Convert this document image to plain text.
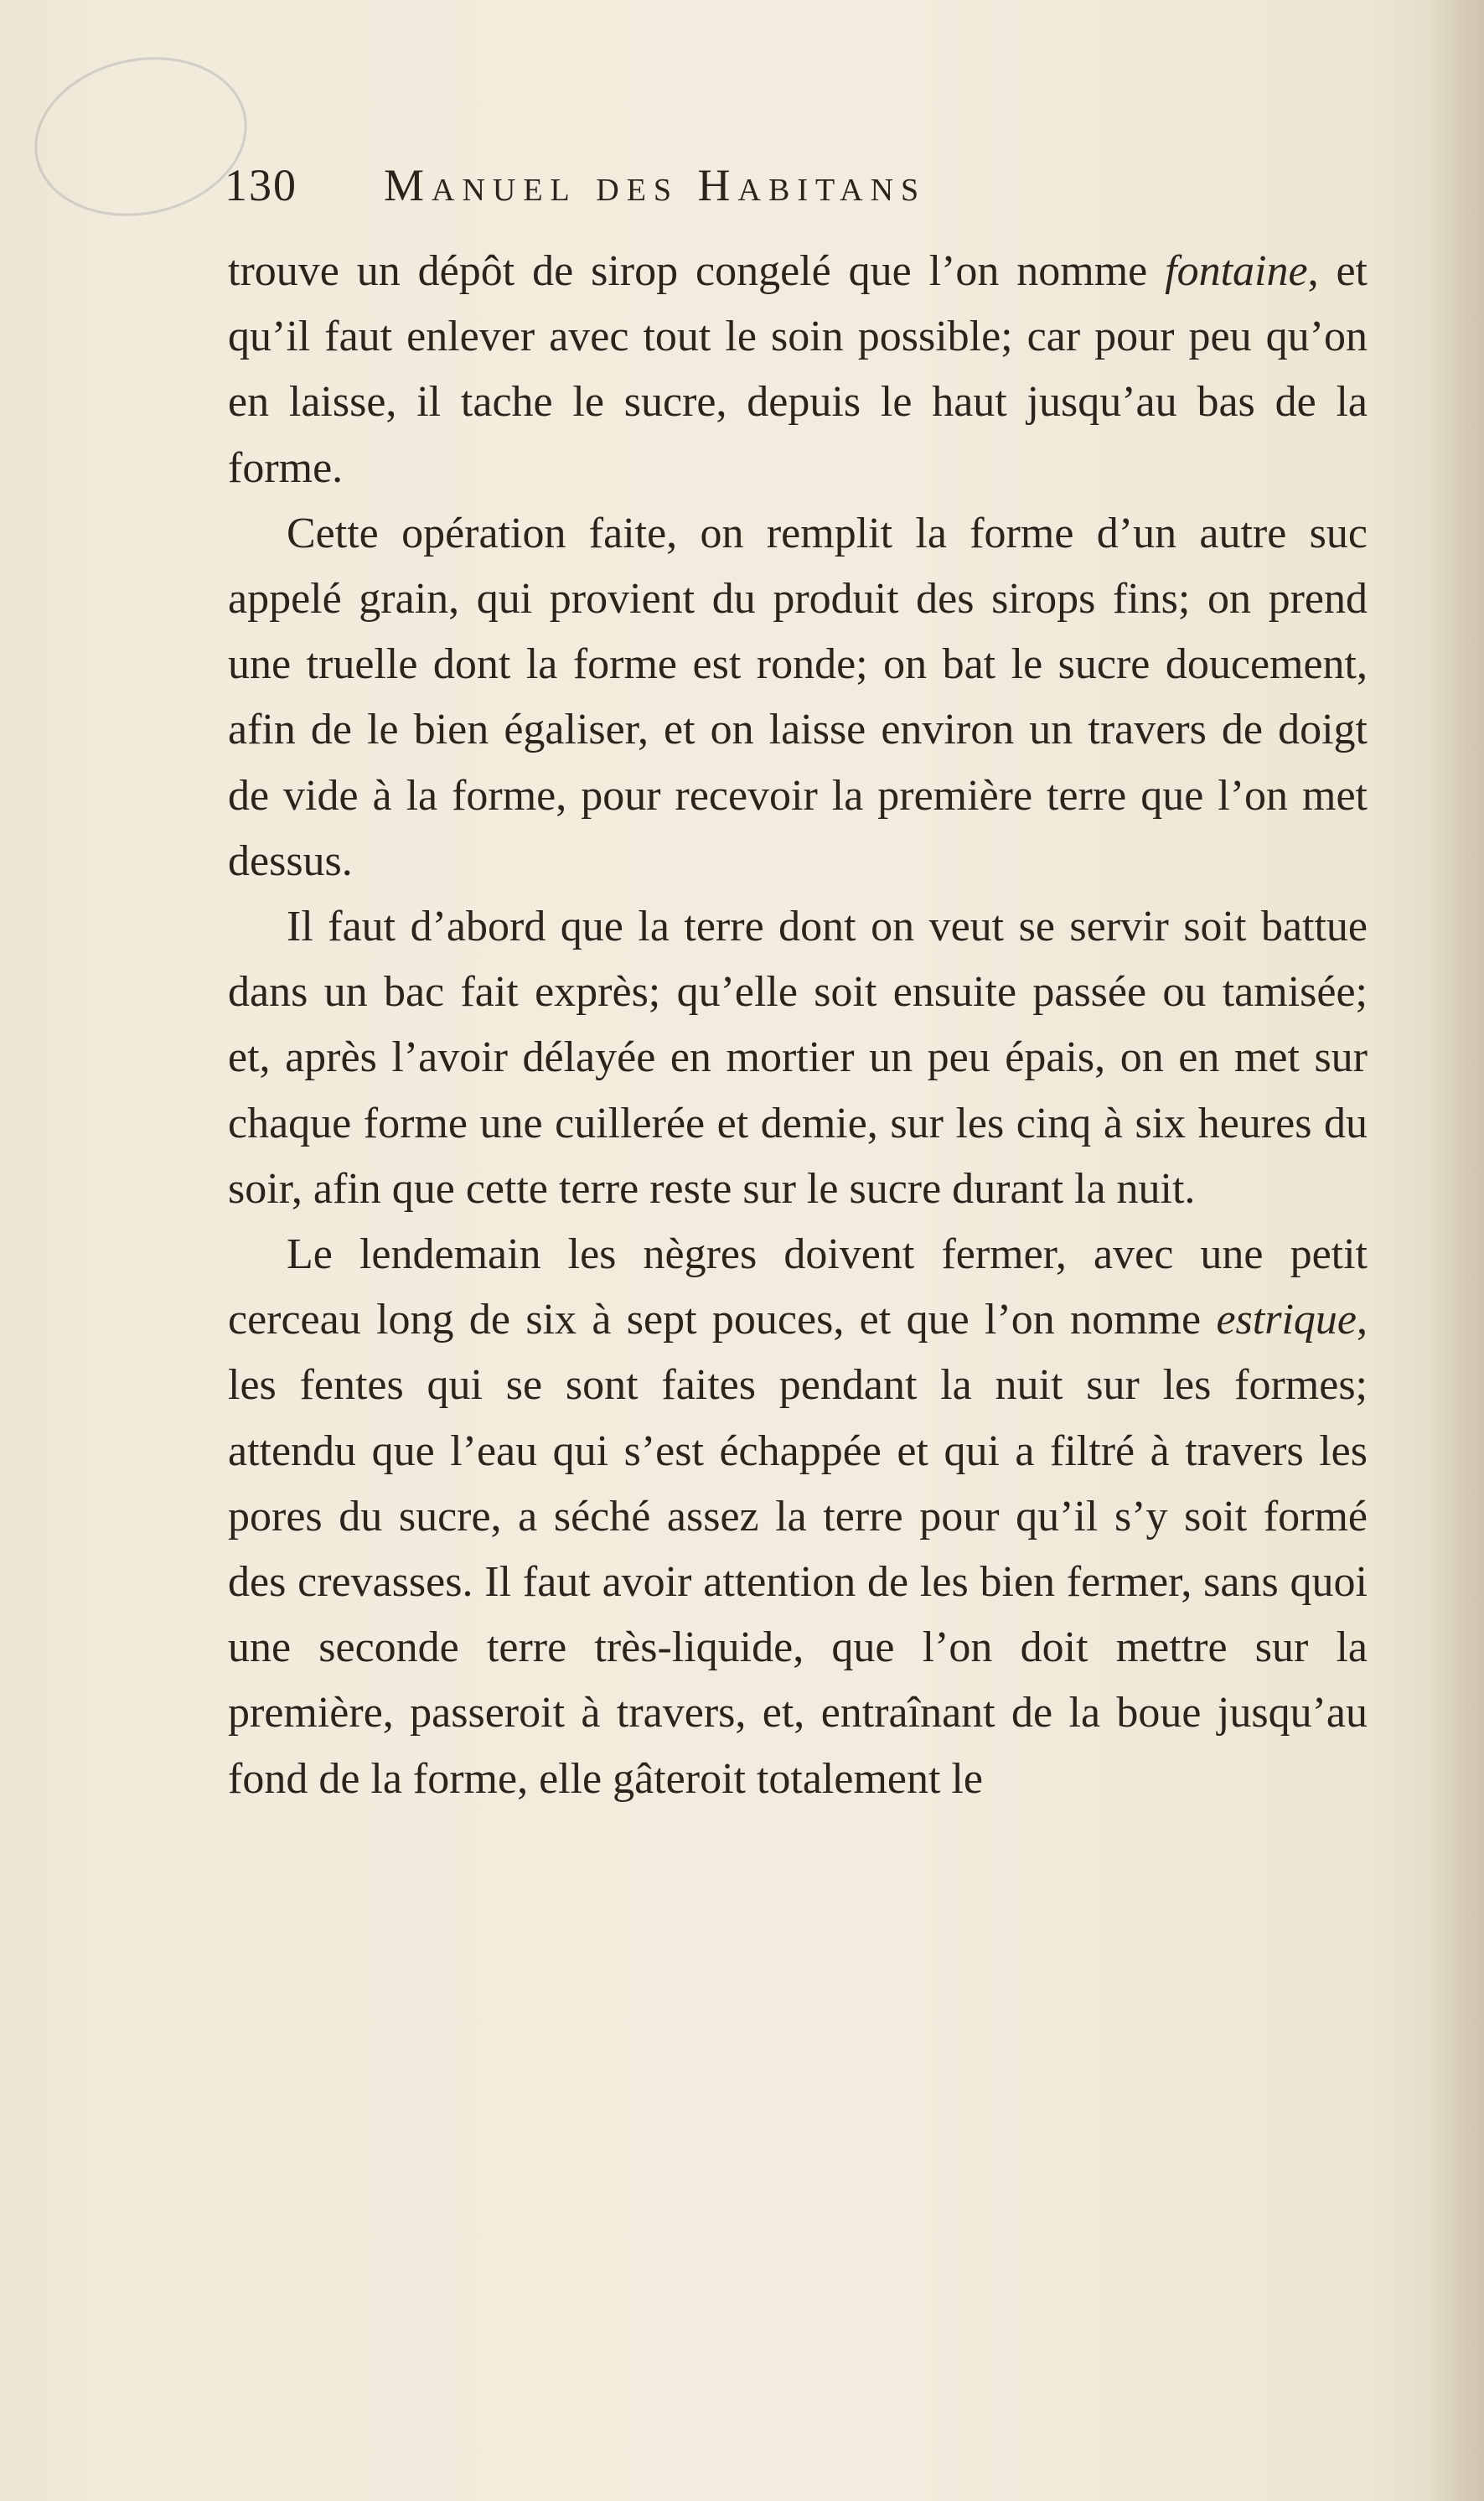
130 Manuel des Habitans

trouve un dépôt de sirop congelé que l’on nomme fontaine, et qu’il faut enlever avec tout le soin possible; car pour peu qu’on en laisse, il tache le sucre, depuis le haut jusqu’au bas de la forme.

Cette opération faite, on remplit la forme d’un autre suc appelé grain, qui provient du produit des sirops fins; on prend une truelle dont la forme est ronde; on bat le sucre doucement, afin de le bien égaliser, et on laisse environ un travers de doigt de vide à la forme, pour recevoir la première terre que l’on met dessus.

Il faut d’abord que la terre dont on veut se servir soit battue dans un bac fait exprès; qu’elle soit ensuite passée ou tamisée; et, après l’avoir délayée en mortier un peu épais, on en met sur chaque forme une cuillerée et demie, sur les cinq à six heures du soir, afin que cette terre reste sur le sucre durant la nuit.

Le lendemain les nègres doivent fermer, avec une petit cerceau long de six à sept pouces, et que l’on nomme estrique, les fentes qui se sont faites pendant la nuit sur les formes; attendu que l’eau qui s’est échappée et qui a filtré à travers les pores du sucre, a séché assez la terre pour qu’il s’y soit formé des crevasses. Il faut avoir attention de les bien fermer, sans quoi une seconde terre très-liquide, que l’on doit mettre sur la première, passeroit à travers, et, entraînant de la boue jusqu’au fond de la forme, elle gâteroit totalement le
